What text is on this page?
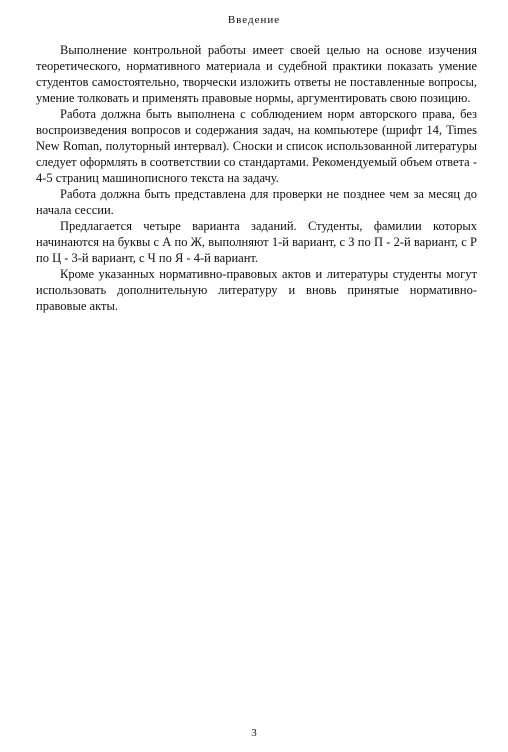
Введение

Выполнение контрольной работы имеет своей целью на основе изучения теоретического, нормативного материала и судебной практики показать умение студентов самостоятельно, творчески изложить ответы не поставленные вопросы, умение толковать и применять правовые нормы, аргументировать свою позицию.

Работа должна быть выполнена с соблюдением норм авторского права, без воспроизведения вопросов и содержания задач, на компьютере (шрифт 14, Times New Roman, полуторный интервал). Сноски и список использованной литературы следует оформлять в соответствии со стандартами. Рекомендуемый объем ответа - 4-5 страниц машинописного текста на задачу.

Работа должна быть представлена для проверки не позднее чем за месяц до начала сессии.

Предлагается четыре варианта заданий. Студенты, фамилии которых начинаются на буквы с А по Ж, выполняют 1-й вариант, с З по П - 2-й вариант, с Р по Ц - 3-й вариант, с Ч по Я - 4-й вариант.

Кроме указанных нормативно-правовых актов и литературы студенты могут использовать дополнительную литературу и вновь принятые нормативно-правовые акты.

3
